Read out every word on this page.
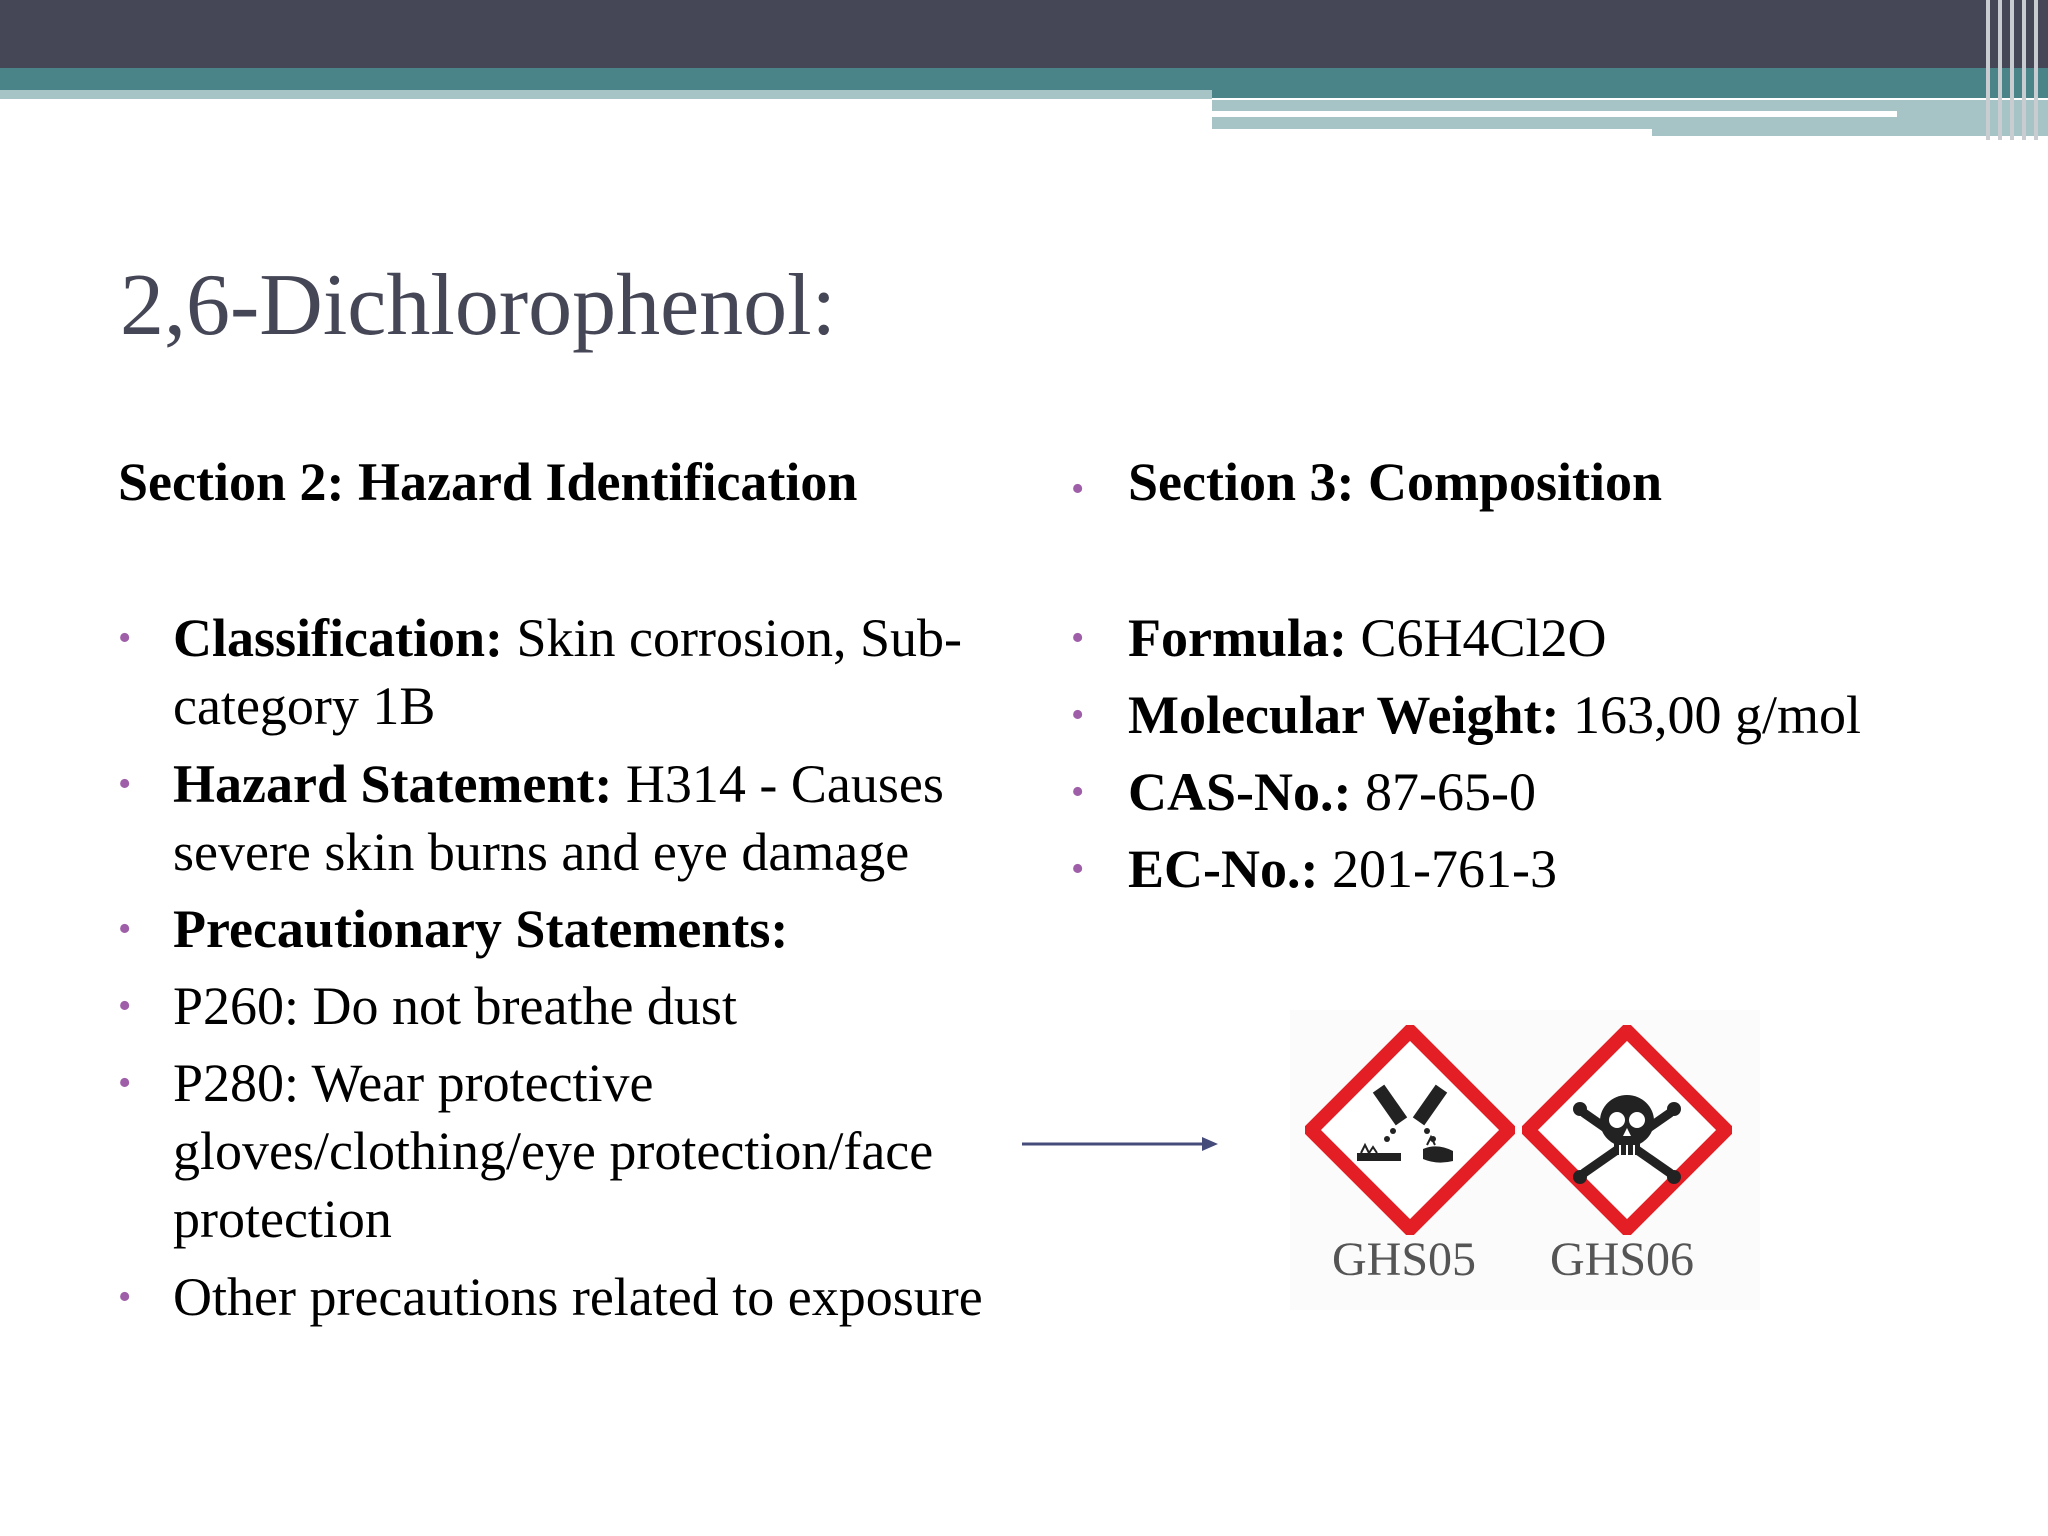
2,6-Dichlorophenol:
Section 2: Hazard Identification
• Classification: Skin corrosion, Sub-category 1B
• Hazard Statement: H314 - Causes severe skin burns and eye damage
• Precautionary Statements:
• P260: Do not breathe dust
• P280: Wear protective gloves/clothing/eye protection/face protection
• Other precautions related to exposure
• Section 3: Composition
• Formula: C6H4Cl2O
• Molecular Weight: 163,00 g/mol
• CAS-No.: 87-65-0
• EC-No.: 201-761-3
GHS05 GHS06
